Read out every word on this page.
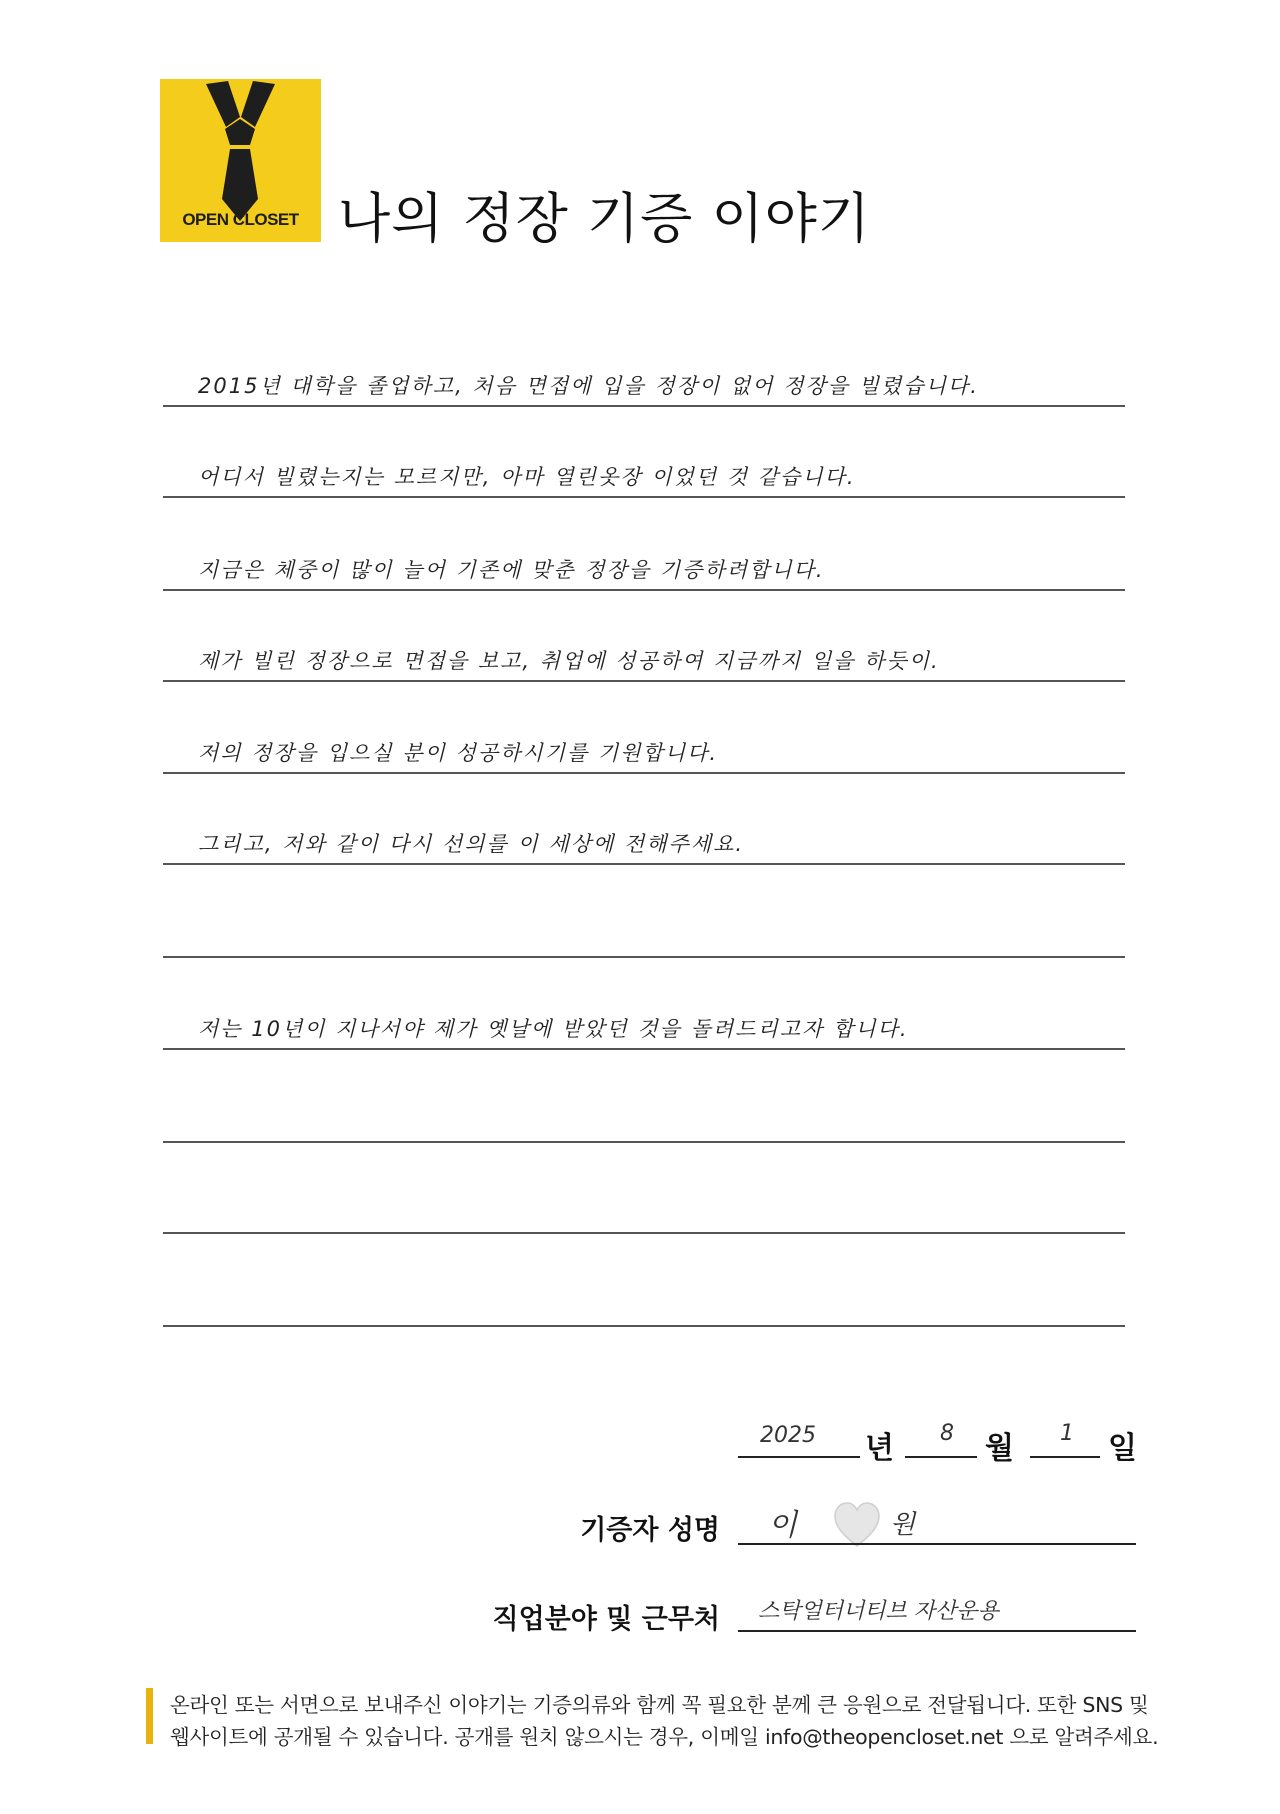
OPEN CLOSET 나의 정장 기증 이야기
2015년 대학을 졸업하고, 처음 면접에 입을 정장이 없어 정장을 빌렸습니다.
어디서 빌렸는지는 모르지만, 아마 열린옷장 이었던 것 같습니다.
지금은 체중이 많이 늘어 기존에 맞춘 정장을 기증하려합니다.
제가 빌린 정장으로 면접을 보고, 취업에 성공하여 지금까지 일을 하듯이.
저의 정장을 입으실 분이 성공하시기를 기원합니다.
그리고, 저와 같이 다시 선의를 이 세상에 전해주세요.
저는 10년이 지나서야 제가 옛날에 받았던 것을 돌려드리고자 합니다.
2025 년 8 월 1 일
기증자 성명 이	원
직업분야 및 근무처 스탁얼터너티브 자산운용
온라인 또는 서면으로 보내주신 이야기는 기증의류와 함께 꼭 필요한 분께 큰 응원으로 전달됩니다. 또한 SNS 및
웹사이트에 공개될 수 있습니다. 공개를 원치 않으시는 경우, 이메일 info@theopencloset.net 으로 알려주세요.
